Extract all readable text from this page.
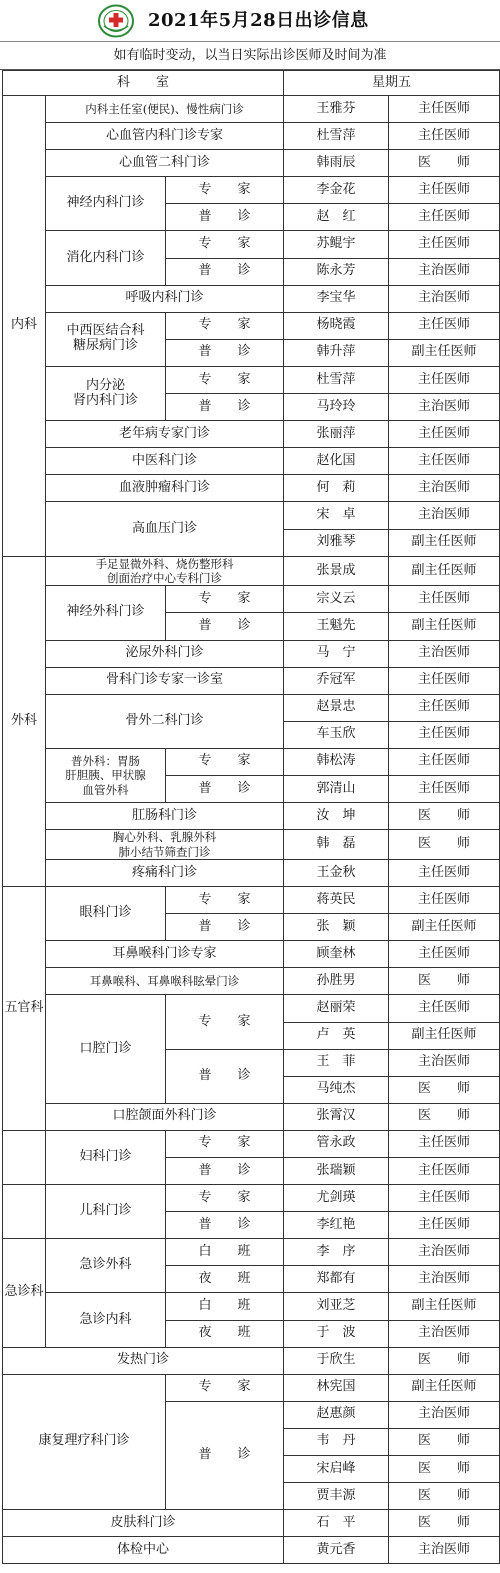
2021年5月28日出诊信息
如有临时变动，以当日实际出诊医师及时间为准
科　　室			星期五	
内科	内科主任室(便民)、慢性病门诊		王雅芬	主任医师
	心血管内科门诊专家		杜雪萍	主任医师
	心血管二科门诊		韩雨辰	医　　师
	神经内科门诊	专　　家	李金花	主任医师
		普　　诊	赵　红	主任医师
	消化内科门诊	专　　家	苏鲲宇	主任医师
		普　　诊	陈永芳	主治医师
	呼吸内科门诊		李宝华	主治医师
	中西医结合科
糖尿病门诊	专　　家	杨晓霞	主任医师
		普　　诊	韩升萍	副主任医师
	内分泌
肾内科门诊	专　　家	杜雪萍	主任医师
		普　　诊	马玲玲	主治医师
	老年病专家门诊		张丽萍	主任医师
	中医科门诊		赵化国	主任医师
	血液肿瘤科门诊		何　莉	主治医师
	高血压门诊		宋　卓	主治医师
			刘雅琴	副主任医师
外科	手足显微外科、烧伤整形科
创面治疗中心专科门诊		张景成	副主任医师
	神经外科门诊	专　　家	宗义云	主任医师
		普　　诊	王魁先	副主任医师
	泌尿外科门诊		马　宁	主治医师
	骨科门诊专家一诊室		乔冠军	主任医师
	骨外二科门诊		赵景忠	主任医师
			车玉欣	主任医师
	普外科：胃肠
肝胆胰、甲状腺
血管外科	专　　家	韩松涛	主任医师
		普　　诊	郭清山	主任医师
	肛肠科门诊		汝　坤	医　　师
	胸心外科、乳腺外科
肺小结节筛查门诊		韩　磊	医　　师
	疼痛科门诊		王金秋	主任医师
五官科	眼科门诊	专　　家	蒋英民	主任医师
		普　　诊	张　颖	副主任医师
	耳鼻喉科门诊专家		顾奎林	主任医师
	耳鼻喉科、耳鼻喉科眩晕门诊		孙胜男	医　　师
	口腔门诊	专　　家	赵丽荣	主任医师
			卢　英	副主任医师
		普　　诊	王　菲	主治医师
			马纯杰	医　　师
	口腔颌面外科门诊		张霄汉	医　　师
	妇科门诊	专　　家	管永政	主任医师
		普　　诊	张瑞颖	主任医师
	儿科门诊	专　　家	尤剑瑛	主任医师
		普　　诊	李红艳	主任医师
急诊科	急诊外科	白　　班	李　序	主治医师
		夜　　班	郑都有	主治医师
	急诊内科	白　　班	刘亚芝	副主任医师
		夜　　班	于　波	主治医师
发热门诊			于欣生	医　　师
康复理疗科门诊		专　　家	林宪国	副主任医师
		普　　诊	赵惠颜	主治医师
			韦　丹	医　　师
			宋启峰	医　　师
			贾丰源	医　　师
皮肤科门诊			石　平	医　　师
体检中心			黄元香	主治医师
